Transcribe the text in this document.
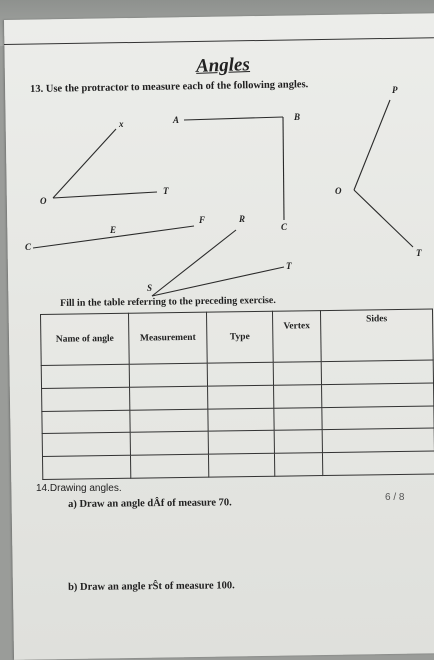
Angles
13. Use the protractor to measure each of the following angles.
x	A	B
C
O
T
P
O
T
E
F
C
R
S
T
Fill in the table referring to the preceding exercise.
Name of angle	Measurement	Type	Vertex	Sides

14.Drawing angles.
a) Draw an angle dÂf of measure 70.	6 / 8
b) Draw an angle rŜt of measure 100.
